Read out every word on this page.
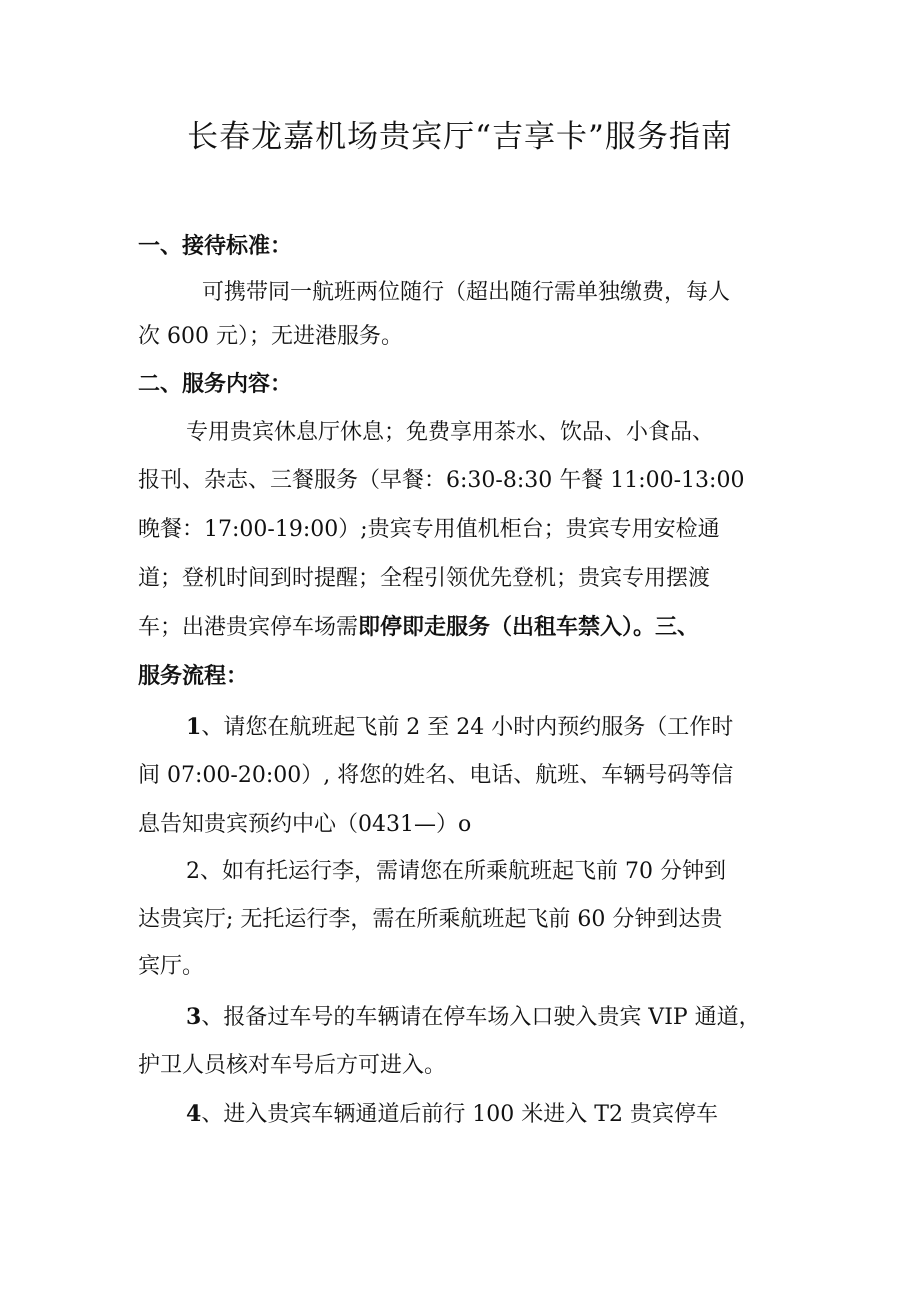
长春龙嘉机场贵宾厅“吉享卡”服务指南
一、接待标准：
可携带同一航班两位随行（超出随行需单独缴费，每人
次 600 元）；无进港服务。
二、服务内容：
专用贵宾休息厅休息；免费享用茶水、饮品、小食品、
报刊、杂志、三餐服务（早餐：6:30-8:30 午餐 11:00-13:00
晚餐：17:00-19:00）;贵宾专用值机柜台；贵宾专用安检通
道；登机时间到时提醒；全程引领优先登机；贵宾专用摆渡
车；出港贵宾停车场需即停即走服务（出租车禁入）。三、
服务流程：
1、请您在航班起飞前 2 至 24 小时内预约服务（工作时
间 07:00-20:00）, 将您的姓名、电话、航班、车辆号码等信
息告知贵宾预约中心（0431—）o
2、如有托运行李，需请您在所乘航班起飞前 70 分钟到
达贵宾厅; 无托运行李，需在所乘航班起飞前 60 分钟到达贵
宾厅。
3、报备过车号的车辆请在停车场入口驶入贵宾 VIP 通道，
护卫人员核对车号后方可进入。
4、进入贵宾车辆通道后前行 100 米进入 T2 贵宾停车
